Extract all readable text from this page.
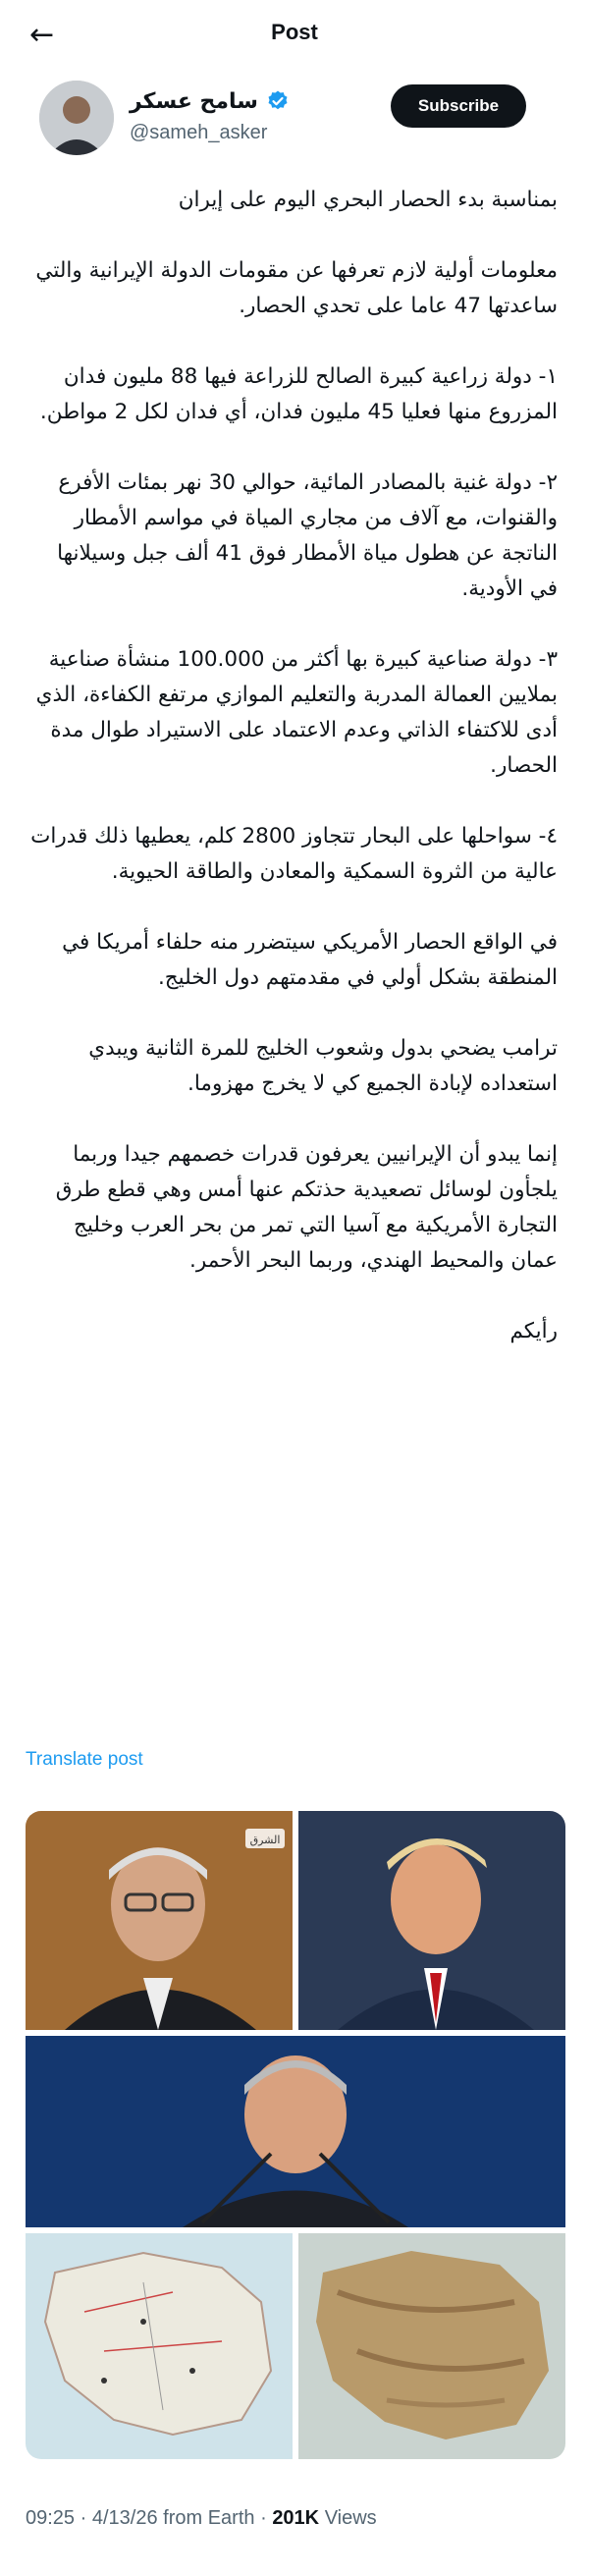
←	Post
سامح عسكر
@sameh_asker
Subscribe

بمناسبة بدء الحصار البحري اليوم على إيران

معلومات أولية لازم تعرفها عن مقومات الدولة الإيرانية والتي ساعدتها 47 عاما على تحدي الحصار.

١- دولة زراعية كبيرة الصالح للزراعة فيها 88 مليون فدان المزروع منها فعليا 45 مليون فدان، أي فدان لكل 2 مواطن.

٢- دولة غنية بالمصادر المائية، حوالي 30 نهر بمئات الأفرع والقنوات، مع آلاف من مجاري المياة في مواسم الأمطار الناتجة عن هطول مياة الأمطار فوق 41 ألف جبل وسيلانها في الأودية.

٣- دولة صناعية كبيرة بها أكثر من 100.000 منشأة صناعية بملايين العمالة المدربة والتعليم الموازي مرتفع الكفاءة، الذي أدى للاكتفاء الذاتي وعدم الاعتماد على الاستيراد طوال مدة الحصار.

٤- سواحلها على البحار تتجاوز 2800 كلم، يعطيها ذلك قدرات عالية من الثروة السمكية والمعادن والطاقة الحيوية.

في الواقع الحصار الأمريكي سيتضرر منه حلفاء أمريكا في المنطقة بشكل أولي في مقدمتهم دول الخليج.

ترامب يضحي بدول وشعوب الخليج للمرة الثانية ويبدي استعداده لإبادة الجميع كي لا يخرج مهزوما.

إنما يبدو أن الإيرانيين يعرفون قدرات خصمهم جيدا وربما يلجأون لوسائل تصعيدية حذتكم عنها أمس وهي قطع طرق التجارة الأمريكية مع آسيا التي تمر من بحر العرب وخليج عمان والمحيط الهندي، وربما البحر الأحمر.

رأيكم

Translate post
الشرق
09:25 · 4/13/26 from Earth · 201K Views
